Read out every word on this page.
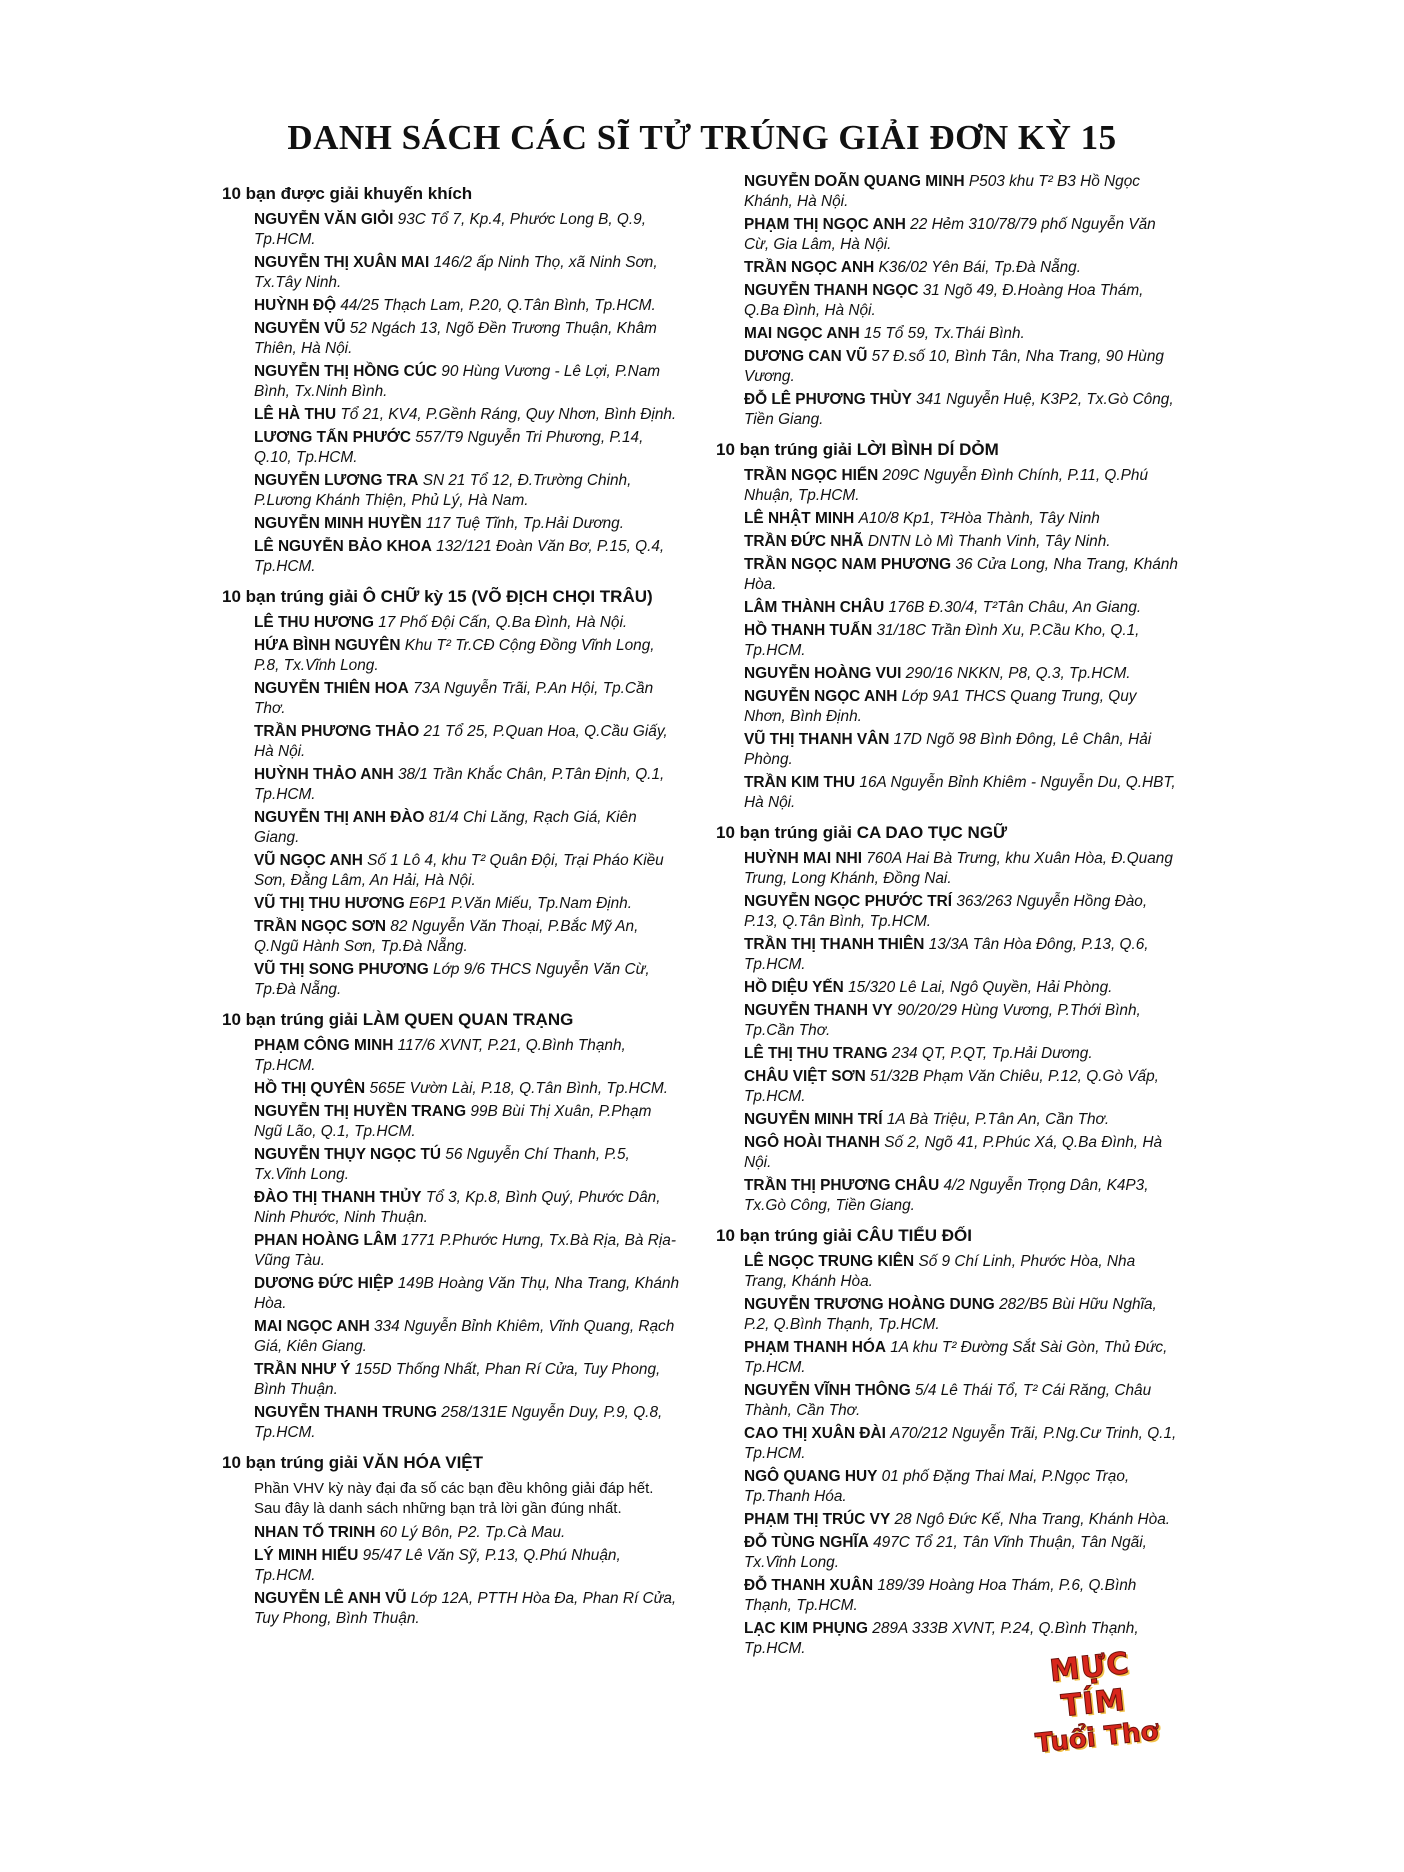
DANH SÁCH CÁC SĨ TỬ TRÚNG GIẢI ĐƠN KỲ 15
10 bạn được giải khuyến khích
NGUYỄN VĂN GIỎI 93C Tổ 7, Kp.4, Phước Long B, Q.9, Tp.HCM.
NGUYỄN THỊ XUÂN MAI 146/2 ấp Ninh Thọ, xã Ninh Sơn, Tx.Tây Ninh.
HUỲNH ĐỘ 44/25 Thạch Lam, P.20, Q.Tân Bình, Tp.HCM.
NGUYỄN VŨ 52 Ngách 13, Ngõ Đền Trương Thuận, Khâm Thiên, Hà Nội.
NGUYỄN THỊ HỒNG CÚC 90 Hùng Vương - Lê Lợi, P.Nam Bình, Tx.Ninh Bình.
LÊ HÀ THU Tổ 21, KV4, P.Gềnh Ráng, Quy Nhơn, Bình Định.
LƯƠNG TẤN PHƯỚC 557/T9 Nguyễn Tri Phương, P.14, Q.10, Tp.HCM.
NGUYỄN LƯƠNG TRA SN 21 Tổ 12, Đ.Trường Chinh, P.Lương Khánh Thiện, Phủ Lý, Hà Nam.
NGUYỄN MINH HUYỀN 117 Tuệ Tĩnh, Tp.Hải Dương.
LÊ NGUYỄN BẢO KHOA 132/121 Đoàn Văn Bơ, P.15, Q.4, Tp.HCM.
10 bạn trúng giải Ô CHỮ kỳ 15 (VÕ ĐỊCH CHỌI TRÂU)
LÊ THU HƯƠNG 17 Phố Đội Cấn, Q.Ba Đình, Hà Nội.
HỨA BÌNH NGUYÊN Khu T² Tr.CĐ Cộng Đồng Vĩnh Long, P.8, Tx.Vĩnh Long.
NGUYỄN THIÊN HOA 73A Nguyễn Trãi, P.An Hội, Tp.Cần Thơ.
TRẦN PHƯƠNG THẢO 21 Tổ 25, P.Quan Hoa, Q.Cầu Giấy, Hà Nội.
HUỲNH THẢO ANH 38/1 Trần Khắc Chân, P.Tân Định, Q.1, Tp.HCM.
NGUYỄN THỊ ANH ĐÀO 81/4 Chi Lăng, Rạch Giá, Kiên Giang.
VŨ NGỌC ANH Số 1 Lô 4, khu T² Quân Đội, Trại Pháo Kiều Sơn, Đằng Lâm, An Hải, Hà Nội.
VŨ THỊ THU HƯƠNG E6P1 P.Văn Miếu, Tp.Nam Định.
TRẦN NGỌC SƠN 82 Nguyễn Văn Thoại, P.Bắc Mỹ An, Q.Ngũ Hành Sơn, Tp.Đà Nẵng.
VŨ THỊ SONG PHƯƠNG Lớp 9/6 THCS Nguyễn Văn Cừ, Tp.Đà Nẵng.
10 bạn trúng giải LÀM QUEN QUAN TRẠNG
PHẠM CÔNG MINH 117/6 XVNT, P.21, Q.Bình Thạnh, Tp.HCM.
HỒ THỊ QUYÊN 565E Vườn Lài, P.18, Q.Tân Bình, Tp.HCM.
NGUYỄN THỊ HUYỀN TRANG 99B Bùi Thị Xuân, P.Phạm Ngũ Lão, Q.1, Tp.HCM.
NGUYỄN THỤY NGỌC TÚ 56 Nguyễn Chí Thanh, P.5, Tx.Vĩnh Long.
ĐÀO THỊ THANH THỦY Tổ 3, Kp.8, Bình Quý, Phước Dân, Ninh Phước, Ninh Thuận.
PHAN HOÀNG LÂM 1771 P.Phước Hưng, Tx.Bà Rịa, Bà Rịa-Vũng Tàu.
DƯƠNG ĐỨC HIỆP 149B Hoàng Văn Thụ, Nha Trang, Khánh Hòa.
MAI NGỌC ANH 334 Nguyễn Bỉnh Khiêm, Vĩnh Quang, Rạch Giá, Kiên Giang.
TRẦN NHƯ Ý 155D Thống Nhất, Phan Rí Cửa, Tuy Phong, Bình Thuận.
NGUYỄN THANH TRUNG 258/131E Nguyễn Duy, P.9, Q.8, Tp.HCM.
10 bạn trúng giải VĂN HÓA VIỆT
Phần VHV kỳ này đại đa số các bạn đều không giải đáp hết. Sau đây là danh sách những bạn trả lời gần đúng nhất.
NHAN TỐ TRINH 60 Lý Bôn, P2. Tp.Cà Mau.
LÝ MINH HIẾU 95/47 Lê Văn Sỹ, P.13, Q.Phú Nhuận, Tp.HCM.
NGUYỄN LÊ ANH VŨ Lớp 12A, PTTH Hòa Đa, Phan Rí Cửa, Tuy Phong, Bình Thuận.
NGUYỄN DOÃN QUANG MINH P503 khu T² B3 Hồ Ngọc Khánh, Hà Nội.
PHẠM THỊ NGỌC ANH 22 Hẻm 310/78/79 phố Nguyễn Văn Cừ, Gia Lâm, Hà Nội.
TRẦN NGỌC ANH K36/02 Yên Bái, Tp.Đà Nẵng.
NGUYỄN THANH NGỌC 31 Ngõ 49, Đ.Hoàng Hoa Thám, Q.Ba Đình, Hà Nội.
MAI NGỌC ANH 15 Tổ 59, Tx.Thái Bình.
DƯƠNG CAN VŨ 57 Đ.số 10, Bình Tân, Nha Trang, 90 Hùng Vương.
ĐỖ LÊ PHƯƠNG THÙY 341 Nguyễn Huệ, K3P2, Tx.Gò Công, Tiền Giang.
10 bạn trúng giải LỜI BÌNH DÍ DỎM
TRẦN NGỌC HIỂN 209C Nguyễn Đình Chính, P.11, Q.Phú Nhuận, Tp.HCM.
LÊ NHẬT MINH A10/8 Kp1, T²Hòa Thành, Tây Ninh
TRẦN ĐỨC NHÃ DNTN Lò Mì Thanh Vinh, Tây Ninh.
TRẦN NGỌC NAM PHƯƠNG 36 Cửa Long, Nha Trang, Khánh Hòa.
LÂM THÀNH CHÂU 176B Đ.30/4, T²Tân Châu, An Giang.
HỒ THANH TUẤN 31/18C Trần Đình Xu, P.Cầu Kho, Q.1, Tp.HCM.
NGUYỄN HOÀNG VUI 290/16 NKKN, P8, Q.3, Tp.HCM.
NGUYỄN NGỌC ANH Lớp 9A1 THCS Quang Trung, Quy Nhơn, Bình Định.
VŨ THỊ THANH VÂN 17D Ngõ 98 Bình Đông, Lê Chân, Hải Phòng.
TRẦN KIM THU 16A Nguyễn Bỉnh Khiêm - Nguyễn Du, Q.HBT, Hà Nội.
10 bạn trúng giải CA DAO TỤC NGỮ
HUỲNH MAI NHI 760A Hai Bà Trưng, khu Xuân Hòa, Đ.Quang Trung, Long Khánh, Đồng Nai.
NGUYỄN NGỌC PHƯỚC TRÍ 363/263 Nguyễn Hồng Đào, P.13, Q.Tân Bình, Tp.HCM.
TRẦN THỊ THANH THIÊN 13/3A Tân Hòa Đông, P.13, Q.6, Tp.HCM.
HỒ DIỆU YẾN 15/320 Lê Lai, Ngô Quyền, Hải Phòng.
NGUYỄN THANH VY 90/20/29 Hùng Vương, P.Thới Bình, Tp.Cần Thơ.
LÊ THỊ THU TRANG 234 QT, P.QT, Tp.Hải Dương.
CHÂU VIỆT SƠN 51/32B Phạm Văn Chiêu, P.12, Q.Gò Vấp, Tp.HCM.
NGUYỄN MINH TRÍ 1A Bà Triệu, P.Tân An, Cần Thơ.
NGÔ HOÀI THANH Số 2, Ngõ 41, P.Phúc Xá, Q.Ba Đình, Hà Nội.
TRẦN THỊ PHƯƠNG CHÂU 4/2 Nguyễn Trọng Dân, K4P3, Tx.Gò Công, Tiền Giang.
10 bạn trúng giải CÂU TIỂU ĐỐI
LÊ NGỌC TRUNG KIÊN Số 9 Chí Linh, Phước Hòa, Nha Trang, Khánh Hòa.
NGUYỄN TRƯƠNG HOÀNG DUNG 282/B5 Bùi Hữu Nghĩa, P.2, Q.Bình Thạnh, Tp.HCM.
PHẠM THANH HÓA 1A khu T² Đường Sắt Sài Gòn, Thủ Đức, Tp.HCM.
NGUYỄN VĨNH THÔNG 5/4 Lê Thái Tổ, T² Cái Răng, Châu Thành, Cần Thơ.
CAO THỊ XUÂN ĐÀI A70/212 Nguyễn Trãi, P.Ng.Cư Trinh, Q.1, Tp.HCM.
NGÔ QUANG HUY 01 phố Đặng Thai Mai, P.Ngọc Trạo, Tp.Thanh Hóa.
PHẠM THỊ TRÚC VY 28 Ngô Đức Kế, Nha Trang, Khánh Hòa.
ĐỖ TÙNG NGHĨA 497C Tổ 21, Tân Vĩnh Thuận, Tân Ngãi, Tx.Vĩnh Long.
ĐỖ THANH XUÂN 189/39 Hoàng Hoa Thám, P.6, Q.Bình Thạnh, Tp.HCM.
LẠC KIM PHỤNG 289A 333B XVNT, P.24, Q.Bình Thạnh, Tp.HCM.	MỰC TÍM
Tuổi Thơ
